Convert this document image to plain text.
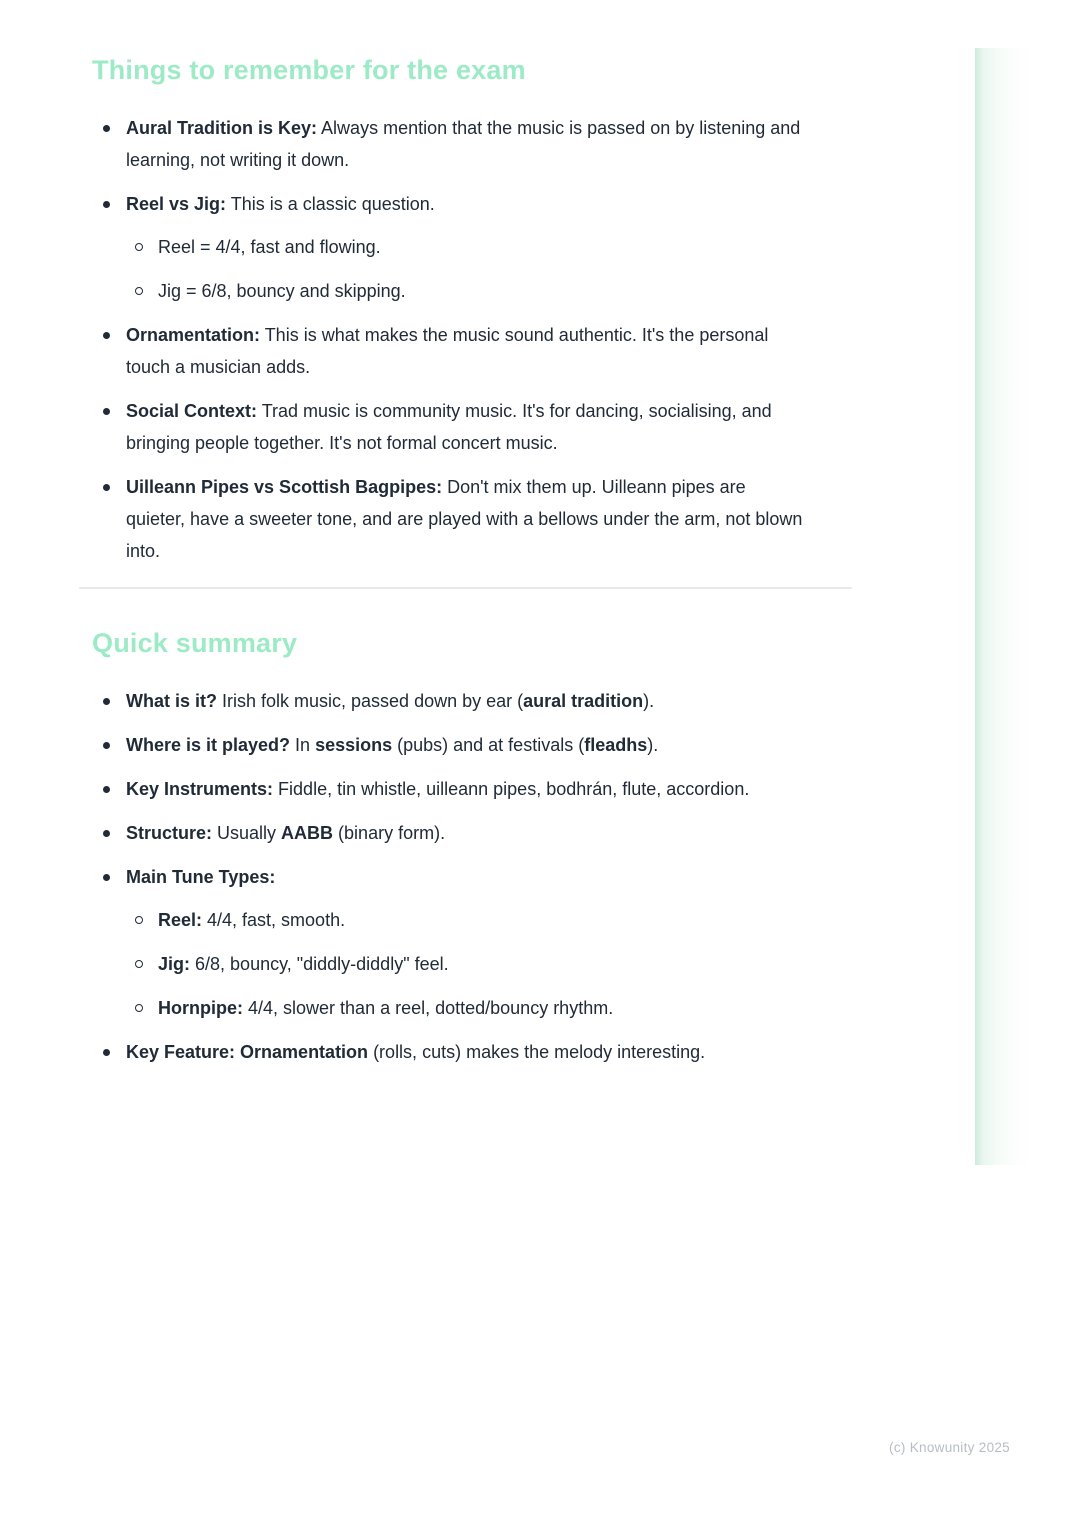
Things to remember for the exam
Aural Tradition is Key: Always mention that the music is passed on by listening and learning, not writing it down.
Reel vs Jig: This is a classic question.
Reel = 4/4, fast and flowing.
Jig = 6/8, bouncy and skipping.
Ornamentation: This is what makes the music sound authentic. It's the personal touch a musician adds.
Social Context: Trad music is community music. It's for dancing, socialising, and bringing people together. It's not formal concert music.
Uilleann Pipes vs Scottish Bagpipes: Don't mix them up. Uilleann pipes are quieter, have a sweeter tone, and are played with a bellows under the arm, not blown into.
Quick summary
What is it? Irish folk music, passed down by ear (aural tradition).
Where is it played? In sessions (pubs) and at festivals (fleadhs).
Key Instruments: Fiddle, tin whistle, uilleann pipes, bodhrán, flute, accordion.
Structure: Usually AABB (binary form).
Main Tune Types:
Reel: 4/4, fast, smooth.
Jig: 6/8, bouncy, "diddly-diddly" feel.
Hornpipe: 4/4, slower than a reel, dotted/bouncy rhythm.
Key Feature: Ornamentation (rolls, cuts) makes the melody interesting.
(c) Knowunity 2025
